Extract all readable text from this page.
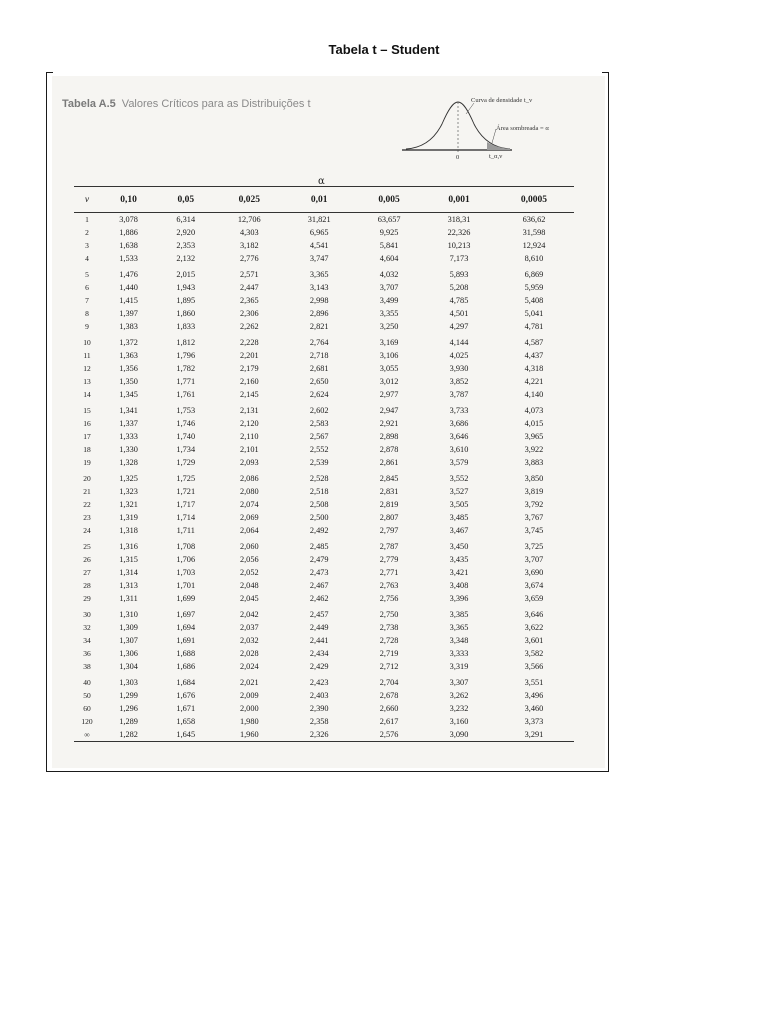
Tabela t – Student
Tabela A.5 Valores Críticos para as Distribuições t	Curva de densidade t_v
Área sombreada = α
0	t_α,v
α
ν	0,10	0,05	0,025	0,01	0,005	0,001	0,0005
1	3,078	6,314	12,706	31,821	63,657	318,31	636,62
2	1,886	2,920	4,303	6,965	9,925	22,326	31,598
3	1,638	2,353	3,182	4,541	5,841	10,213	12,924
4	1,533	2,132	2,776	3,747	4,604	7,173	8,610
5	1,476	2,015	2,571	3,365	4,032	5,893	6,869
6	1,440	1,943	2,447	3,143	3,707	5,208	5,959
7	1,415	1,895	2,365	2,998	3,499	4,785	5,408
8	1,397	1,860	2,306	2,896	3,355	4,501	5,041
9	1,383	1,833	2,262	2,821	3,250	4,297	4,781
10	1,372	1,812	2,228	2,764	3,169	4,144	4,587
11	1,363	1,796	2,201	2,718	3,106	4,025	4,437
12	1,356	1,782	2,179	2,681	3,055	3,930	4,318
13	1,350	1,771	2,160	2,650	3,012	3,852	4,221
14	1,345	1,761	2,145	2,624	2,977	3,787	4,140
15	1,341	1,753	2,131	2,602	2,947	3,733	4,073
16	1,337	1,746	2,120	2,583	2,921	3,686	4,015
17	1,333	1,740	2,110	2,567	2,898	3,646	3,965
18	1,330	1,734	2,101	2,552	2,878	3,610	3,922
19	1,328	1,729	2,093	2,539	2,861	3,579	3,883
20	1,325	1,725	2,086	2,528	2,845	3,552	3,850
21	1,323	1,721	2,080	2,518	2,831	3,527	3,819
22	1,321	1,717	2,074	2,508	2,819	3,505	3,792
23	1,319	1,714	2,069	2,500	2,807	3,485	3,767
24	1,318	1,711	2,064	2,492	2,797	3,467	3,745
25	1,316	1,708	2,060	2,485	2,787	3,450	3,725
26	1,315	1,706	2,056	2,479	2,779	3,435	3,707
27	1,314	1,703	2,052	2,473	2,771	3,421	3,690
28	1,313	1,701	2,048	2,467	2,763	3,408	3,674
29	1,311	1,699	2,045	2,462	2,756	3,396	3,659
30	1,310	1,697	2,042	2,457	2,750	3,385	3,646
32	1,309	1,694	2,037	2,449	2,738	3,365	3,622
34	1,307	1,691	2,032	2,441	2,728	3,348	3,601
36	1,306	1,688	2,028	2,434	2,719	3,333	3,582
38	1,304	1,686	2,024	2,429	2,712	3,319	3,566
40	1,303	1,684	2,021	2,423	2,704	3,307	3,551
50	1,299	1,676	2,009	2,403	2,678	3,262	3,496
60	1,296	1,671	2,000	2,390	2,660	3,232	3,460
120	1,289	1,658	1,980	2,358	2,617	3,160	3,373
∞	1,282	1,645	1,960	2,326	2,576	3,090	3,291
